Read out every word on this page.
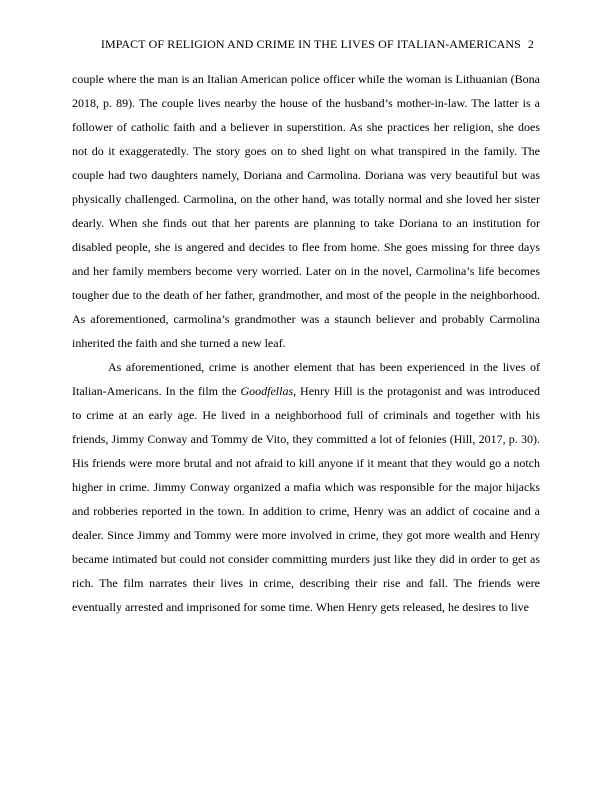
IMPACT OF RELIGION AND CRIME IN THE LIVES OF ITALIAN-AMERICANS 2

couple where the man is an Italian American police officer while the woman is Lithuanian (Bona 2018, p. 89). The couple lives nearby the house of the husband’s mother-in-law. The latter is a follower of catholic faith and a believer in superstition. As she practices her religion, she does not do it exaggeratedly. The story goes on to shed light on what transpired in the family. The couple had two daughters namely, Doriana and Carmolina. Doriana was very beautiful but was physically challenged. Carmolina, on the other hand, was totally normal and she loved her sister dearly. When she finds out that her parents are planning to take Doriana to an institution for disabled people, she is angered and decides to flee from home. She goes missing for three days and her family members become very worried. Later on in the novel, Carmolina’s life becomes tougher due to the death of her father, grandmother, and most of the people in the neighborhood. As aforementioned, carmolina’s grandmother was a staunch believer and probably Carmolina inherited the faith and she turned a new leaf.

As aforementioned, crime is another element that has been experienced in the lives of Italian-Americans. In the film the Goodfellas, Henry Hill is the protagonist and was introduced to crime at an early age. He lived in a neighborhood full of criminals and together with his friends, Jimmy Conway and Tommy de Vito, they committed a lot of felonies (Hill, 2017, p. 30). His friends were more brutal and not afraid to kill anyone if it meant that they would go a notch higher in crime. Jimmy Conway organized a mafia which was responsible for the major hijacks and robberies reported in the town. In addition to crime, Henry was an addict of cocaine and a dealer. Since Jimmy and Tommy were more involved in crime, they got more wealth and Henry became intimated but could not consider committing murders just like they did in order to get as rich. The film narrates their lives in crime, describing their rise and fall. The friends were eventually arrested and imprisoned for some time. When Henry gets released, he desires to live
